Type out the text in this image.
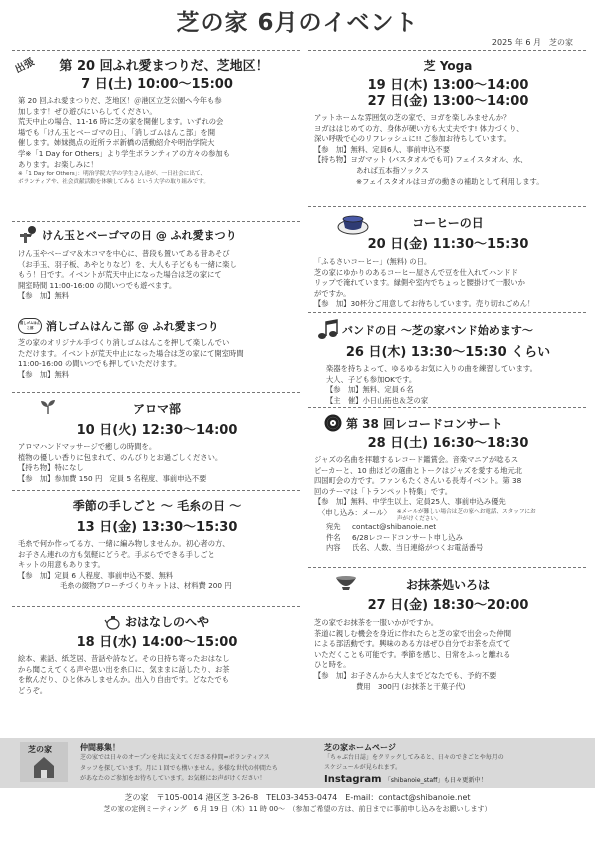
芝の家 6月のイベント
2025 年 6 月　芝の家
出張	第 20 回ふれ愛まつりだ、芝地区！
7 日(土) 10:00〜15:00
第 20 回ふれ愛まつりだ、芝地区！＠港区立芝公園へ今年も参
加します！ぜひ遊びにいらしてください。
荒天中止の場合、11-16 時に芝の家を開催します。いずれの会
場でも「けん玉とベーゴマの日」、「消しゴムはんこ部」を開
催します。姉妹拠点の近所ラボ新橋の活動紹介や明治学院大
学※「1 Day for Others」より学生ボランティアの方々の参加も
あります。お楽しみに！
※「1 Day for Others」：明治学院大学の学生さん達が、一日社会に出て、
ボランティアや、社会貢献活動を体験してみる という大学の取り組みです。
けん玉とベーゴマの日 @ ふれ愛まつり
けん玉やベーゴマ＆木コマを中心に、普段も置いてある昔あそび
（お手玉、羽子板、あやとりなど）を、大人も子どもも一緒に楽し
もう！日です。イベントが荒天中止になった場合は芝の家にて
開室時間 11:00-16:00 の間いつでも遊べます。
【参　加】 無料
消しゴムはんこ部	消しゴムはんこ部 @ ふれ愛まつり
芝の家のオリジナル手づくり消しゴムはんこを押して楽しんでい
ただけます。イベントが荒天中止になった場合は芝の家にて開室時間
11:00-16:00 の間いつでも押していただけます。
【参　加】 無料
アロマ部
10 日(火) 12:30〜14:00
アロマハンドマッサージで癒しの時間を。
植物の優しい香りに包まれて、のんびりとお過ごしください。
【持ち物】 特になし
【参　加】 参加費 150 円　定員 5 名程度、事前申込不要
季節の手しごと 〜 毛糸の日 〜
13 日(金) 13:30〜15:30
毛糸で何か作ってる方、一緒に編み物しませんか。初心者の方、
お子さん連れの方も気軽にどうぞ。手ぶらでできる手しごと
キットの用意もあります。
【参　加】 定員 6 人程度、事前申込不要、無料
毛糸の綴物ブローチづくりキットは、材料費 200 円
おはなしのへや
18 日(水) 14:00〜15:00
絵本、素話、紙芝居、昔話や詩など。その日持ち寄ったおはなし
から聞こえてくる声や思い出を糸口に、気ままに話したり、お茶
を飲んだり、ひと休みしませんか。出入り自由です。どなたでも
どうぞ。
芝 Yoga
19 日(木) 13:00〜14:00
27 日(金) 13:00〜14:00
アットホームな雰囲気の芝の家で、ヨガを楽しみませんか？
ヨガははじめての方、身体が硬い方も大丈夫です! 体力づくり、
深い呼吸で心のリフレッシュに!! ご参加お待ちしています。
【参　加】 無料、定員6人、事前申込不要
【持ち物】 ヨガマット (バスタオルでも可) フェイスタオル、水、
あれば五本指ソックス
※フェイスタオルはヨガの動きの補助として利用します。
コーヒーの日
20 日(金) 11:30〜15:30
「ふるさいコーヒー」(無料) の日。
芝の家にゆかりのあるコーヒー屋さんで豆を仕入れてハンドド
リップで淹れています。縁側や室内でちょっと腰掛けて一服いか
がですか。
【参　加】 30杯分ご用意してお待ちしています。売り切れごめん！
バンドの日 〜芝の家バンド始めます〜
26 日(木) 13:30〜15:30 くらい
楽器を持ちよって、ゆるゆるお気に入りの曲を練習しています。
大人、子ども参加OKです。
【参　加】 無料、定員６名
【主　催】 小日山拓也＆芝の家
第 38 回レコードコンサート
28 日(土) 16:30〜18:30
ジャズの名曲を拝聴するレコード鑑賞会。音楽マニアが唸るス
ピーカーと、10 曲ほどの選曲とトークはジャズを愛する地元北
四国町会の方です。ファンもたくさんいる長寿イベント。第 38
回のテーマは「トランペット特集」です。
【参　加】 無料、中学生以上、定員25人、事前申込み優先
〈申し込み：メール〉	※メールが難しい場合は芝の家へお電話、スタッフにお声がけください。
宛先	contact@shibanoie.net
件名	6/28レコードコンサート申し込み
内容	氏名、人数、当日連絡がつくお電話番号
お抹茶処いろは
27 日(金) 18:30〜20:00
芝の家でお抹茶を一服いかがですか。
茶道に親しむ機会を身近に作れたらと芝の家で出会った仲間
による部活動です。興味のある方はぜひ自分でお茶を点てて
いただくことも可能です。季節を感じ、日常をふっと離れる
ひと時を。
【参　加】 お子さんから大人までどなたでも、予約不要
費用　300円 (お抹茶と干菓子代)
芝の家	仲間募集！
芝の家では日々のオープンを共に支えてくださる仲間=ボランティアス
タッフを探しています。月に１回でも構いません。多様な世代の仲間たち
があなたのご参加をお待ちしています。お気軽にお声がけください！
芝の家ホームページ
「ちゃぶ台日誌」をクリックしてみると、日々のできごとや毎月の
スケジュールが見られます。
Instagram 「shibanoie_staff」も日々更新中！
芝の家　〒105-0014 港区芝 3-26-8　TEL03-3453-0474　E-mail：contact@shibanoie.net
芝の家の定例ミーティング　6 月 19 日（木）11 時 00〜　（参加ご希望の方は、前日までに事前申し込みをお願いします）
